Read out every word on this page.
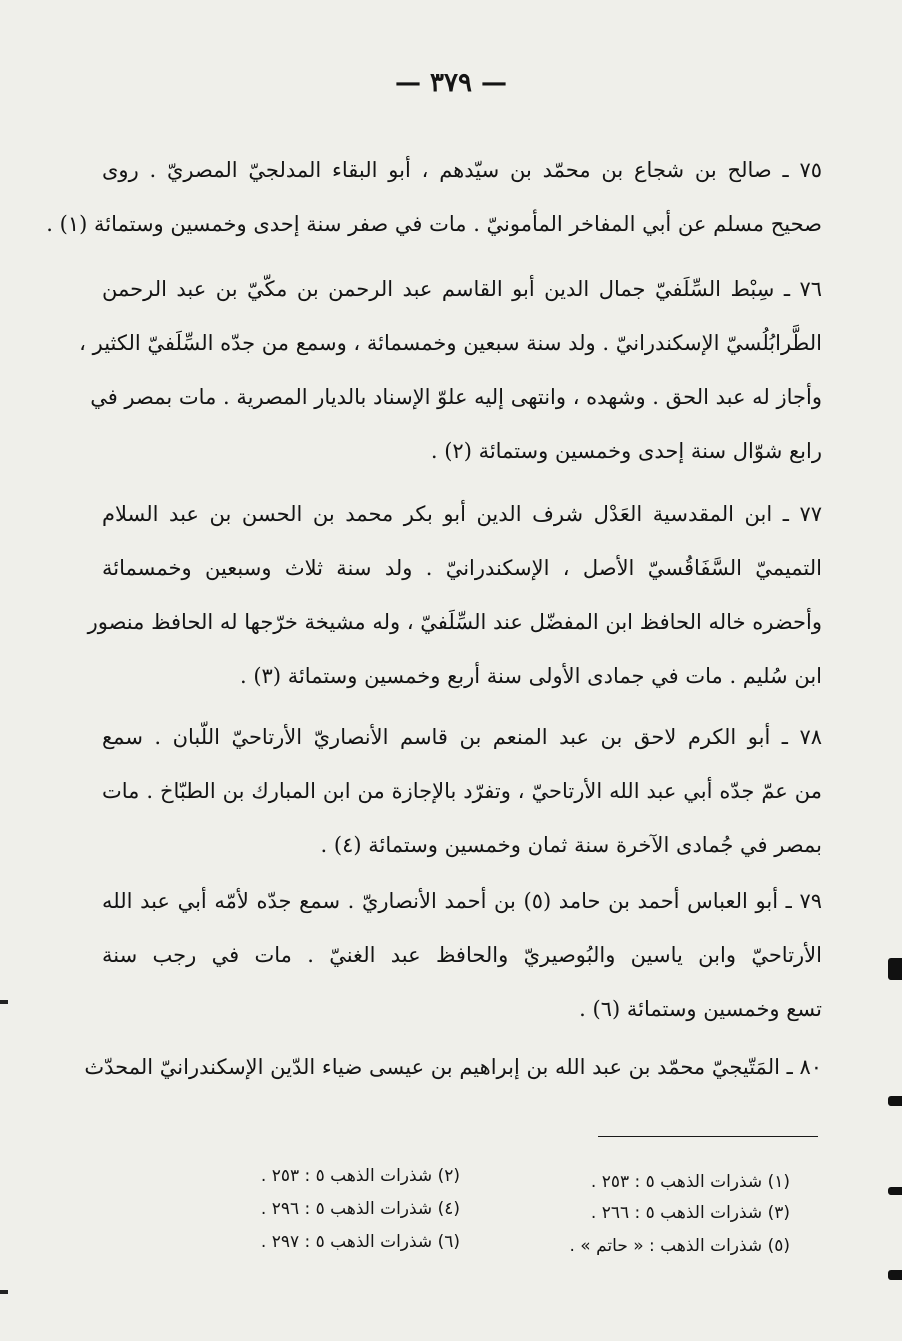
— ٣٧٩ —
٧٥ ـ صالح بن شجاع بن محمّد بن سيّدهم ، أبو البقاء المدلجيّ المصريّ . روى
صحيح مسلم عن أبي المفاخر المأمونيّ . مات في صفر سنة إحدى وخمسين وستمائة (١) .
٧٦ ـ سِبْط السِّلَفيّ جمال الدين أبو القاسم عبد الرحمن بن مكّيّ بن عبد الرحمن
الطَّرابُلُسيّ الإسكندرانيّ . ولد سنة سبعين وخمسمائة ، وسمع من جدّه السِّلَفيّ الكثير ،
وأجاز له عبد الحق . وشهده ، وانتهى إليه علوّ الإسناد بالديار المصرية . مات بمصر في
رابع شوّال سنة إحدى وخمسين وستمائة (٢) .
٧٧ ـ ابن المقدسية العَدْل شرف الدين أبو بكر محمد بن الحسن بن عبد السلام
التميميّ السَّفَاقُسيّ الأصل ، الإسكندرانيّ . ولد سنة ثلاث وسبعين وخمسمائة
وأحضره خاله الحافظ ابن المفضّل عند السِّلَفيّ ، وله مشيخة خرّجها له الحافظ منصور
ابن سُليم . مات في جمادى الأولى سنة أربع وخمسين وستمائة (٣) .
٧٨ ـ أبو الكرم لاحق بن عبد المنعم بن قاسم الأنصاريّ الأرتاحيّ اللّبان . سمع
من عمّ جدّه أبي عبد الله الأرتاحيّ ، وتفرّد بالإجازة من ابن المبارك بن الطبّاخ . مات
بمصر في جُمادى الآخرة سنة ثمان وخمسين وستمائة (٤) .
٧٩ ـ أبو العباس أحمد بن حامد (٥) بن أحمد الأنصاريّ . سمع جدّه لأمّه أبي عبد الله
الأرتاحيّ وابن ياسين والبُوصيريّ والحافظ عبد الغنيّ . مات في رجب سنة
تسع وخمسين وستمائة (٦) .
٨٠ ـ المَتّيجيّ محمّد بن عبد الله بن إبراهيم بن عيسى ضياء الدّين الإسكندرانيّ المحدّث
(١) شذرات الذهب ٥ : ٢٥٣ .
(٢) شذرات الذهب ٥ : ٢٥٣ .
(٣) شذرات الذهب ٥ : ٢٦٦ .
(٤) شذرات الذهب ٥ : ٢٩٦ .
(٥) شذرات الذهب : « حاتم » .
(٦) شذرات الذهب ٥ : ٢٩٧ .
